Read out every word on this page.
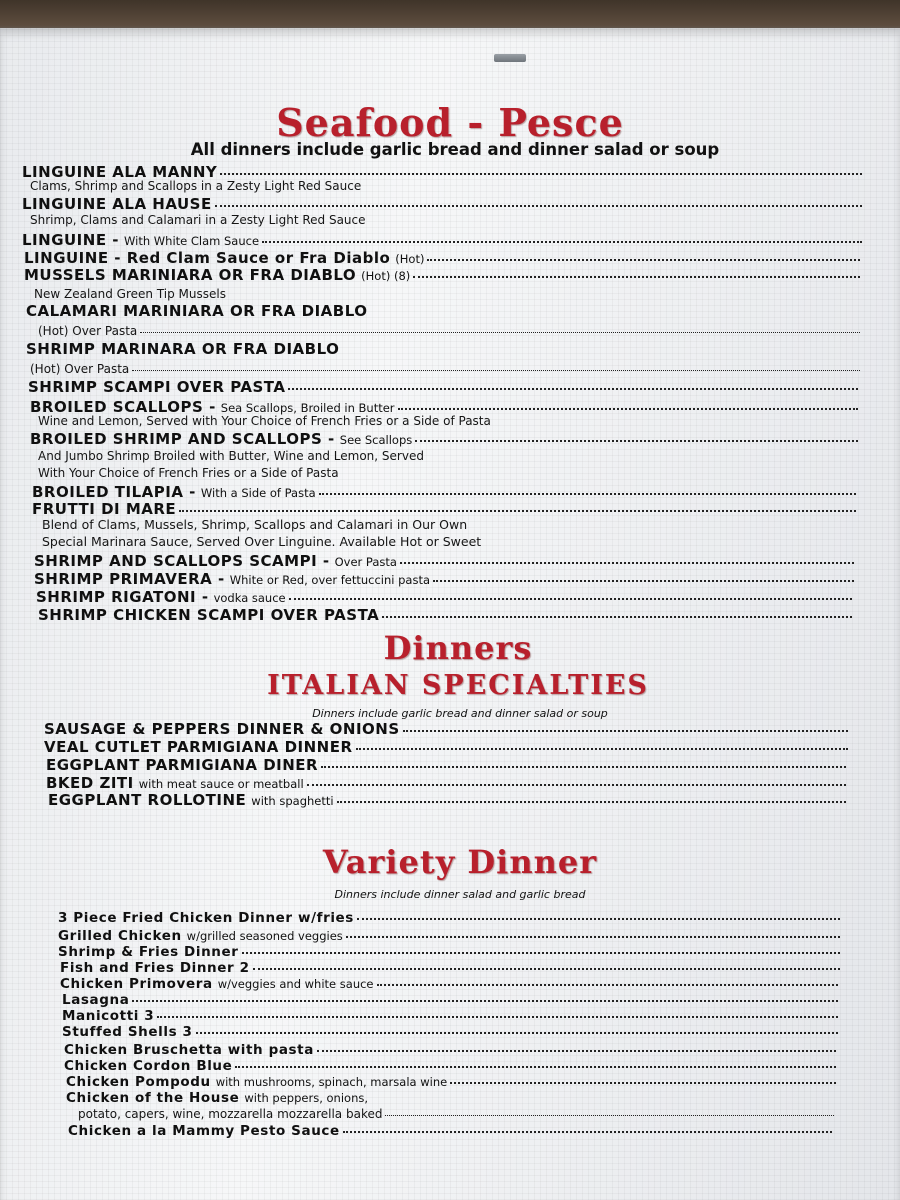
Seafood - Pesce

All dinners include garlic bread and dinner salad or soup

LINGUINE ALA MANNY
Clams, Shrimp and Scallops in a Zesty Light Red Sauce
LINGUINE ALA HAUSE
Shrimp, Clams and Calamari in a Zesty Light Red Sauce
LINGUINE - With White Clam Sauce
LINGUINE - Red Clam Sauce or Fra Diablo (Hot)
MUSSELS MARINIARA OR FRA DIABLO (Hot) (8)
New Zealand Green Tip Mussels
CALAMARI MARINIARA OR FRA DIABLO
(Hot) Over Pasta
SHRIMP MARINARA OR FRA DIABLO
(Hot) Over Pasta
SHRIMP SCAMPI OVER PASTA
BROILED SCALLOPS - Sea Scallops, Broiled in Butter
Wine and Lemon, Served with Your Choice of French Fries or a Side of Pasta
BROILED SHRIMP AND SCALLOPS - See Scallops
And Jumbo Shrimp Broiled with Butter, Wine and Lemon, Served
With Your Choice of French Fries or a Side of Pasta
BROILED TILAPIA - With a Side of Pasta
FRUTTI DI MARE
Blend of Clams, Mussels, Shrimp, Scallops and Calamari in Our Own
Special Marinara Sauce, Served Over Linguine. Available Hot or Sweet
SHRIMP AND SCALLOPS SCAMPI - Over Pasta
SHRIMP PRIMAVERA - White or Red, over fettuccini pasta
SHRIMP RIGATONI - vodka sauce
SHRIMP CHICKEN SCAMPI OVER PASTA
Dinners
ITALIAN SPECIALTIES

Dinners include garlic bread and dinner salad or soup

SAUSAGE & PEPPERS DINNER & ONIONS
VEAL CUTLET PARMIGIANA DINNER
EGGPLANT PARMIGIANA DINER
BKED ZITI with meat sauce or meatball
EGGPLANT ROLLOTINE with spaghetti
Variety Dinner

Dinners include dinner salad and garlic bread

3 Piece Fried Chicken Dinner w/fries
Grilled Chicken w/grilled seasoned veggies
Shrimp & Fries Dinner
Fish and Fries Dinner 2
Chicken Primovera w/veggies and white sauce
Lasagna
Manicotti 3
Stuffed Shells 3
Chicken Bruschetta with pasta
Chicken Cordon Blue
Chicken Pompodu with mushrooms, spinach, marsala wine
Chicken of the House with peppers, onions,
potato, capers, wine, mozzarella mozzarella baked
Chicken a la Mammy Pesto Sauce
